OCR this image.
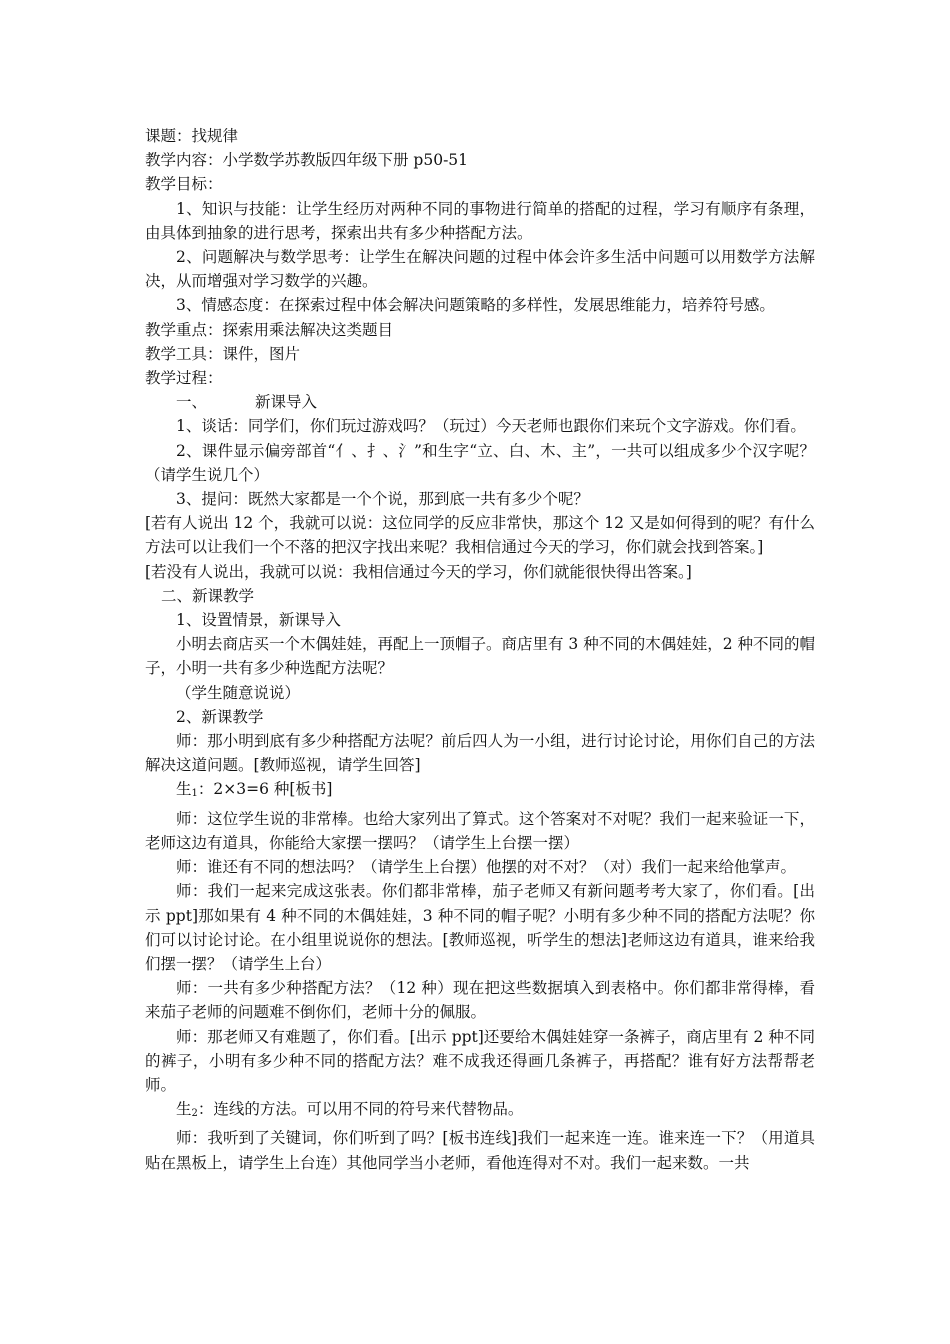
课题：找规律
教学内容：小学数学苏教版四年级下册 p50-51
教学目标：
1、知识与技能：让学生经历对两种不同的事物进行简单的搭配的过程，学习有顺序有条理，由具体到抽象的进行思考，探索出共有多少种搭配方法。
2、问题解决与数学思考：让学生在解决问题的过程中体会许多生活中问题可以用数学方法解决，从而增强对学习数学的兴趣。
3、情感态度：在探索过程中体会解决问题策略的多样性，发展思维能力，培养符号感。
教学重点：探索用乘法解决这类题目
教学工具：课件，图片
教学过程：
一、	新课导入
1、谈话：同学们，你们玩过游戏吗？（玩过）今天老师也跟你们来玩个文字游戏。你们看。
2、课件显示偏旁部首“亻、扌、氵”和生字“立、白、木、主”，一共可以组成多少个汉字呢？（请学生说几个）
3、提问：既然大家都是一个个说，那到底一共有多少个呢？
[若有人说出 12 个，我就可以说：这位同学的反应非常快，那这个 12 又是如何得到的呢？有什么方法可以让我们一个不落的把汉字找出来呢？我相信通过今天的学习，你们就会找到答案。]
[若没有人说出，我就可以说：我相信通过今天的学习，你们就能很快得出答案。]
二、新课教学
1、设置情景，新课导入
小明去商店买一个木偶娃娃，再配上一顶帽子。商店里有 3 种不同的木偶娃娃，2 种不同的帽子，小明一共有多少种选配方法呢？
（学生随意说说）
2、新课教学
师：那小明到底有多少种搭配方法呢？前后四人为一小组，进行讨论讨论，用你们自己的方法解决这道问题。[教师巡视，请学生回答]
生$_1$：2×3=6 种[板书]
师：这位学生说的非常棒。也给大家列出了算式。这个答案对不对呢？我们一起来验证一下，老师这边有道具，你能给大家摆一摆吗？（请学生上台摆一摆）
师：谁还有不同的想法吗？（请学生上台摆）他摆的对不对？（对）我们一起来给他掌声。
师：我们一起来完成这张表。你们都非常棒，茄子老师又有新问题考考大家了，你们看。[出示 ppt]那如果有 4 种不同的木偶娃娃，3 种不同的帽子呢？小明有多少种不同的搭配方法呢？你们可以讨论讨论。在小组里说说你的想法。[教师巡视，听学生的想法]老师这边有道具，谁来给我们摆一摆？（请学生上台）
师：一共有多少种搭配方法？（12 种）现在把这些数据填入到表格中。你们都非常得棒，看来茄子老师的问题难不倒你们，老师十分的佩服。
师：那老师又有难题了，你们看。[出示 ppt]还要给木偶娃娃穿一条裤子，商店里有 2 种不同的裤子，小明有多少种不同的搭配方法？难不成我还得画几条裤子，再搭配？谁有好方法帮帮老师。
生$_2$：连线的方法。可以用不同的符号来代替物品。
师：我听到了关键词，你们听到了吗？[板书连线]我们一起来连一连。谁来连一下？（用道具贴在黑板上，请学生上台连）其他同学当小老师，看他连得对不对。我们一起来数。一共
